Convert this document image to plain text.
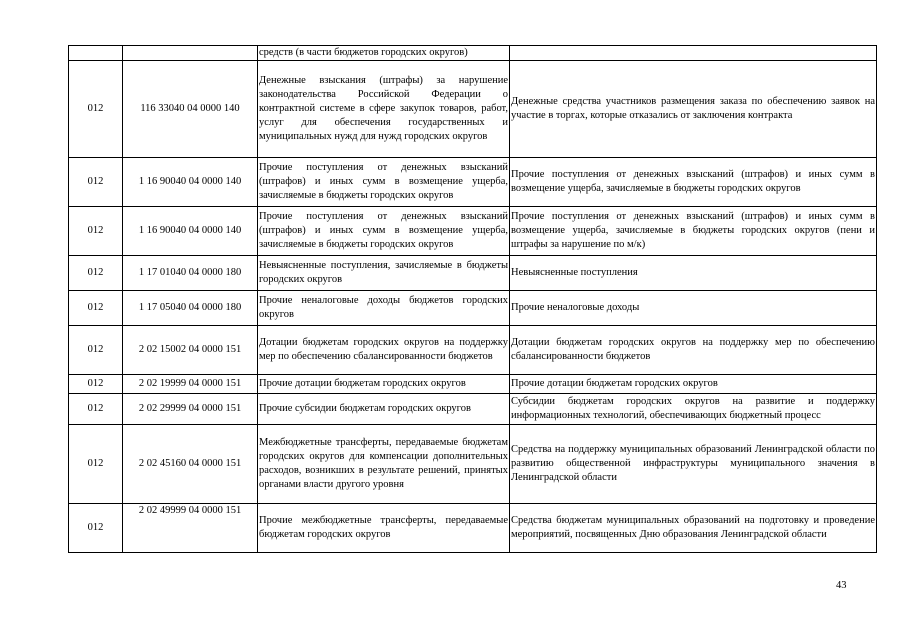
		средств (в части бюджетов городских округов)	
012	116 33040 04 0000 140	Денежные взыскания (штрафы) за нарушение законодательства Российской Федерации о контрактной системе в сфере закупок товаров, работ, услуг для обеспечения государственных и муниципальных нужд для нужд городских округов	Денежные средства участников размещения заказа по обеспечению заявок на участие в торгах, которые отказались от заключения контракта
012	1 16 90040 04 0000 140	Прочие поступления от денежных взысканий (штрафов) и иных сумм в возмещение ущерба, зачисляемые в бюджеты городских округов	Прочие поступления от денежных взысканий (штрафов) и иных сумм в возмещение ущерба, зачисляемые в бюджеты городских округов
012	1 16 90040 04 0000 140	Прочие поступления от денежных взысканий (штрафов) и иных сумм в возмещение ущерба, зачисляемые в бюджеты городских округов	Прочие поступления от денежных взысканий (штрафов) и иных сумм в возмещение ущерба, зачисляемые в бюджеты городских округов (пени и штрафы за нарушение по м/к)
012	1 17 01040 04 0000 180	Невыясненные поступления, зачисляемые в бюджеты городских округов	Невыясненные поступления
012	1 17 05040 04 0000 180	Прочие неналоговые доходы бюджетов городских округов	Прочие неналоговые доходы
012	2 02 15002 04 0000 151	Дотации бюджетам городских округов на поддержку мер по обеспечению сбалансированности бюджетов	Дотации бюджетам городских округов на поддержку мер по обеспечению сбалансированности бюджетов
012	2 02 19999 04 0000 151	Прочие дотации бюджетам городских округов	Прочие дотации бюджетам городских округов
012	2 02 29999 04 0000 151	Прочие субсидии бюджетам городских округов	Субсидии бюджетам городских округов на развитие и поддержку информационных технологий, обеспечивающих бюджетный процесс
012	2 02 45160 04 0000 151	Межбюджетные трансферты, передаваемые бюджетам городских округов для компенсации дополнительных расходов, возникших в результате решений, принятых органами власти другого уровня	Средства на поддержку муниципальных образований Ленинградской области по развитию общественной инфраструктуры муниципального значения в Ленинградской области
012	2 02 49999 04 0000 151	Прочие межбюджетные трансферты, передаваемые бюджетам городских округов	Средства бюджетам муниципальных образований на подготовку и проведение мероприятий, посвященных Дню образования Ленинградской области
43
